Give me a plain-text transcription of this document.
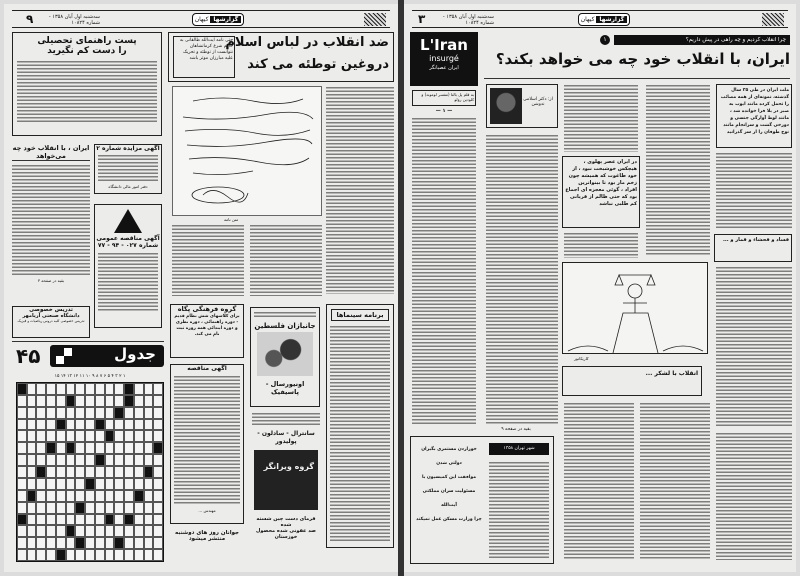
۹	سه‌شنبه اول آبان ۱۳۵۸ - شماره ۱۰۸۲۴	گزارشها کیهان
پست راهنمای تحصیلی
را دست کم نگیرید
ایران ، با انقلاب خود چه می‌خواهد
بقیه در صفحه ۳
آگهی مزایده شماره ۲
دفتر امور مالی دانشگاه
آگهی مناقصه عمومی
شماره ۰۲۷ - ۹۴ - ۷۷
تدریس خصوصی
دانشگاه صنعتی آریامهر
تدریس خصوصی کلیه دروس ریاضیات و فیزیک
۴۵	جدول
۱۵ ۱۴ ۱۳ ۱۲ ۱۱ ۱۰ ۹ ۸ ۷ ۶ ۵ ۴ ۳ ۲ ۱
ضد انقلاب در لباس اسلام
دروغین توطئه می کند
حتی نامه ایت‌الله طالقانی به حاکم شرع کرمانشاهان نتوانست از توطئه و تحریک علیه مبارزان موثر باشد
متن نامه
گروه فرهنگی پگاه
برای کلاسهای شش نظام قدیم - دوره راهنمائی ، دوره نظری و دوره ابتدائی همه روزه ثبت نام می کند.
آگهی مناقصه
مهندس ...
جوانان روز های دوشنبه
منتشر میشود
جانبازان فلسطین
اونیورسال - پاسیفیک
سانترال - سادلون - پولیدور
گروه ویرانگر
فرمای دست چین شسته شده
صد عفونی شده محصول خوزستان
برنامه سینماها
۳	سه‌شنبه اول آبان ۱۳۵۸ - شماره ۱۰۸۲۴	گزارشها کیهان
L'Iran
insurgé
ایران عصیانگر
به قلم پل بالتا (مفسر لوموند) و کلودین رولو
— ۱ —
۱	چرا انقلاب کردیم و چه راهی در پیش داریم؟
ایران، با انقلاب خود چه می خواهد بکند؟
از: دکتر اسلامی ندوشن
در ایران عصر پهلوی ، هیچکس خوشبخت نبود ، از خود طاغوت که همیشه چون زخم مار بود تا بینواترین افراد ، گوئی معجزه ای اجماع بود که حتی ظالم از قربانی کم طلبی نباشد
ملت ایران در طی ۲۵ سال گذشته، نمونه‌ای از همه مصائب را تحمل کرده مانند ایوب به صبر در بلا فرا خوانده شد ، مانند لوط آوارگی جنسی و دوزخی گشت و سرانجام مانند نوح طوفان را از سر گذرانید
فساد و فحشاء و قمار و ...
کاریکاتور
انقلاب با لشکر ...
بقیه در صفحه ۹
شهر تهران ۱۳۵۸
خوزاردن مستمری بگیران
دولتی شدن
موافقت این کمیسیون با
مسئولیت سران مملکتی
آیت‌الله
چرا وزارت مسکن عمل نمیکند
